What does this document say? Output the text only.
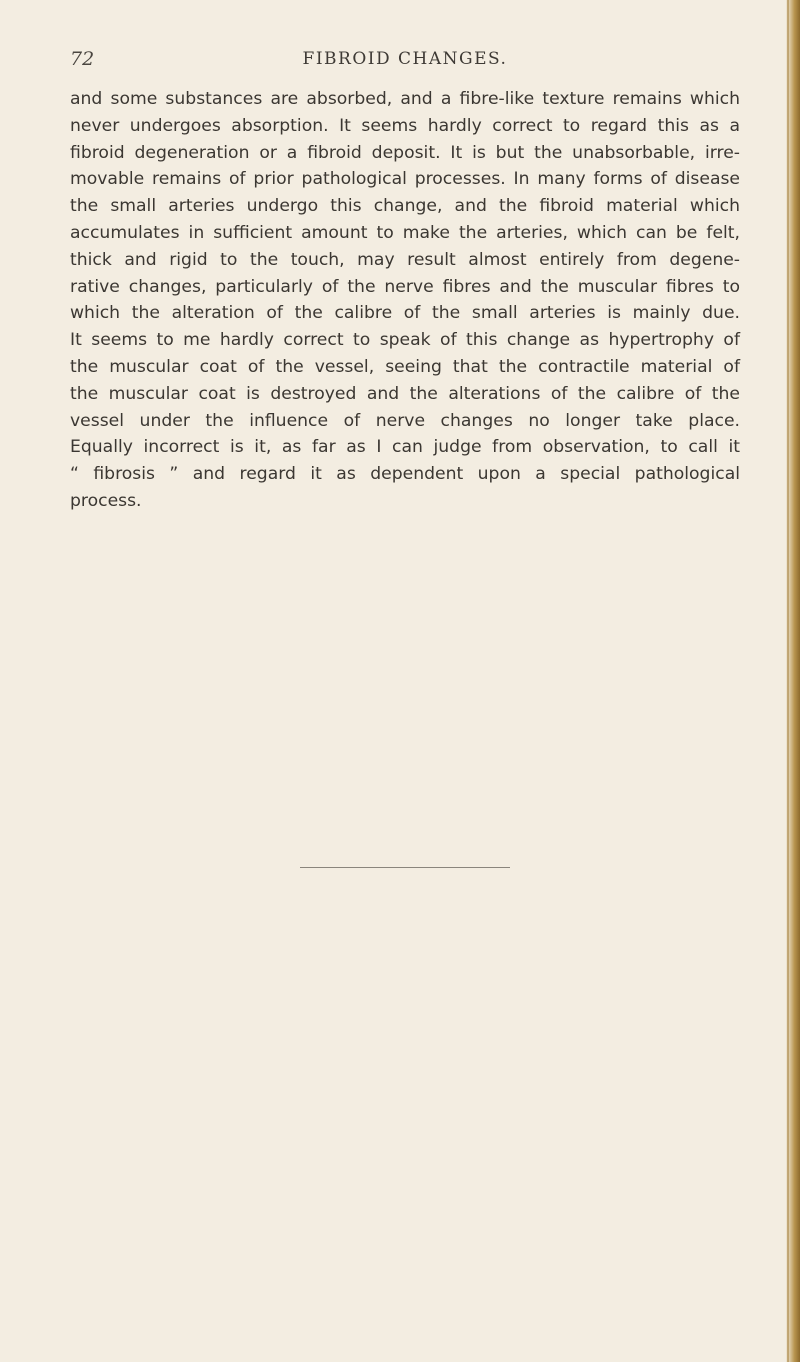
72	FIBROID CHANGES.
and some substances are absorbed, and a fibre-like texture remains which
never undergoes absorption. It seems hardly correct to regard this as a
fibroid degeneration or a fibroid deposit. It is but the unabsorbable, irre-
movable remains of prior pathological processes. In many forms of disease
the small arteries undergo this change, and the fibroid material which
accumulates in sufficient amount to make the arteries, which can be felt,
thick and rigid to the touch, may result almost entirely from degene-
rative changes, particularly of the nerve fibres and the muscular fibres to
which the alteration of the calibre of the small arteries is mainly due.
It seems to me hardly correct to speak of this change as hypertrophy of
the muscular coat of the vessel, seeing that the contractile material of
the muscular coat is destroyed and the alterations of the calibre of the
vessel under the influence of nerve changes no longer take place.
Equally incorrect is it, as far as I can judge from observation, to call it
“ fibrosis ” and regard it as dependent upon a special pathological
process.
